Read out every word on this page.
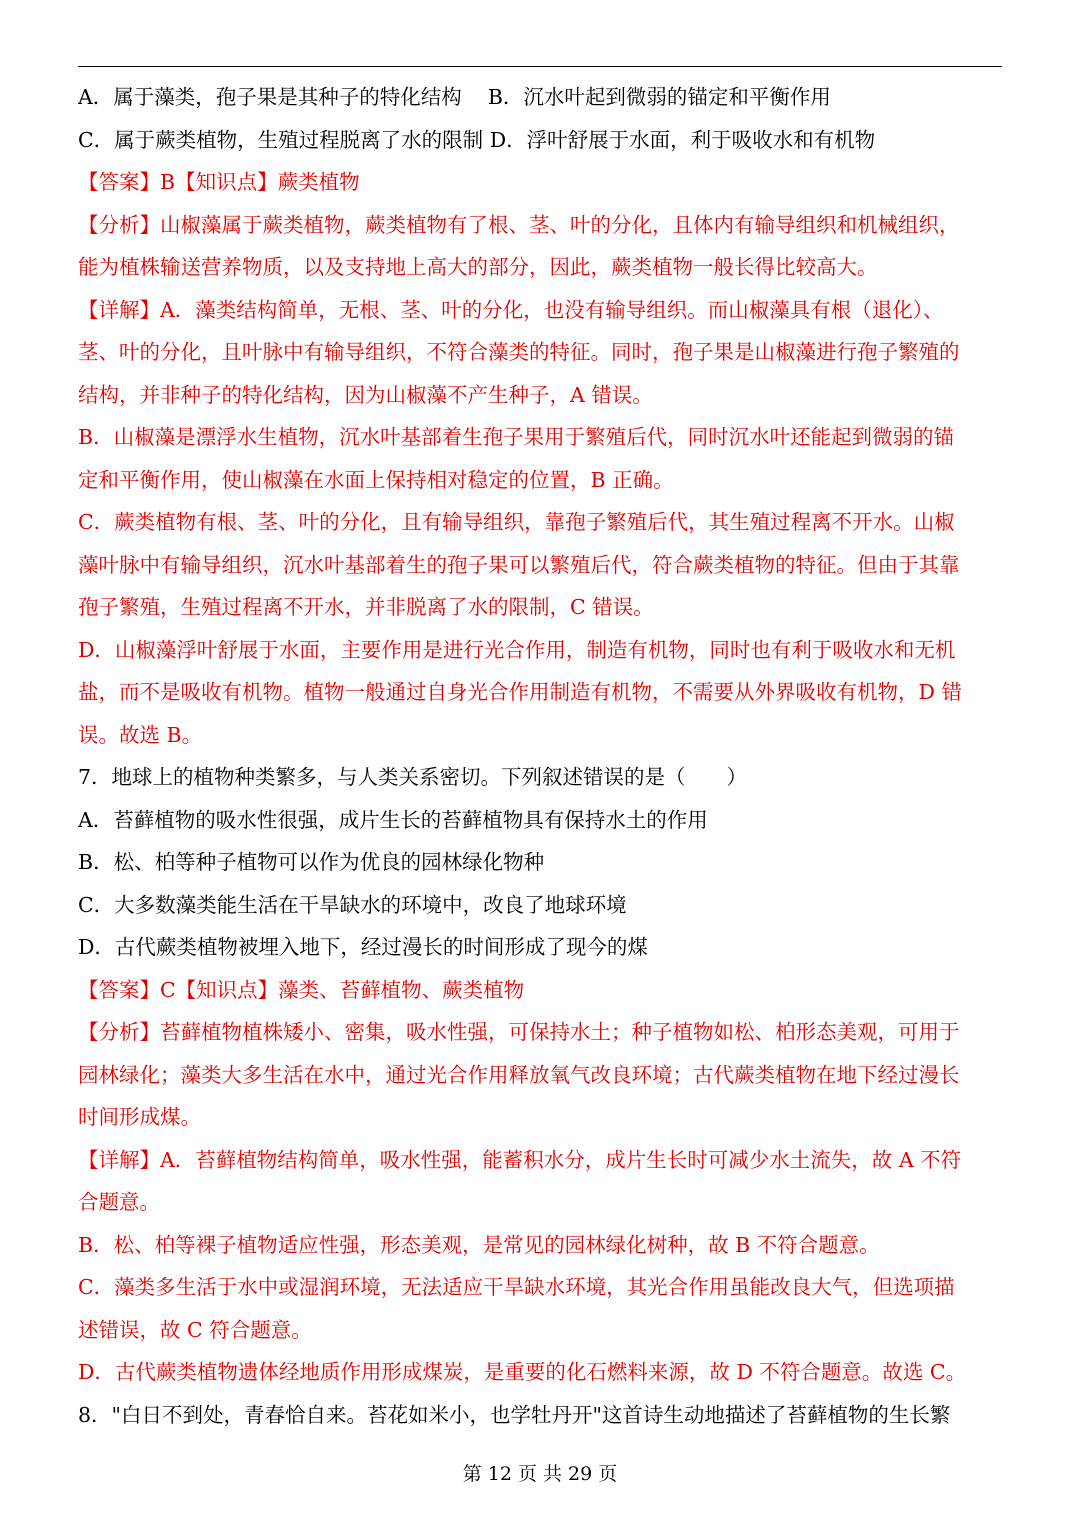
A．属于藻类，孢子果是其种子的特化结构 B．沉水叶起到微弱的锚定和平衡作用
C．属于蕨类植物，生殖过程脱离了水的限制 D．浮叶舒展于水面，利于吸收水和有机物
【答案】B【知识点】蕨类植物
【分析】山椒藻属于蕨类植物，蕨类植物有了根、茎、叶的分化，且体内有输导组织和机械组织，
能为植株输送营养物质，以及支持地上高大的部分，因此，蕨类植物一般长得比较高大。
【详解】A．藻类结构简单，无根、茎、叶的分化，也没有输导组织。而山椒藻具有根（退化）、
茎、叶的分化，且叶脉中有输导组织，不符合藻类的特征。同时，孢子果是山椒藻进行孢子繁殖的
结构，并非种子的特化结构，因为山椒藻不产生种子，A 错误。
B．山椒藻是漂浮水生植物，沉水叶基部着生孢子果用于繁殖后代，同时沉水叶还能起到微弱的锚
定和平衡作用，使山椒藻在水面上保持相对稳定的位置，B 正确。
C．蕨类植物有根、茎、叶的分化，且有输导组织，靠孢子繁殖后代，其生殖过程离不开水。山椒
藻叶脉中有输导组织，沉水叶基部着生的孢子果可以繁殖后代，符合蕨类植物的特征。但由于其靠
孢子繁殖，生殖过程离不开水，并非脱离了水的限制，C 错误。
D．山椒藻浮叶舒展于水面，主要作用是进行光合作用，制造有机物，同时也有利于吸收水和无机
盐，而不是吸收有机物。植物一般通过自身光合作用制造有机物，不需要从外界吸收有机物，D 错
误。故选 B。
7．地球上的植物种类繁多，与人类关系密切。下列叙述错误的是（　　）
A．苔藓植物的吸水性很强，成片生长的苔藓植物具有保持水土的作用
B．松、柏等种子植物可以作为优良的园林绿化物种
C．大多数藻类能生活在干旱缺水的环境中，改良了地球环境
D．古代蕨类植物被埋入地下，经过漫长的时间形成了现今的煤
【答案】C【知识点】藻类、苔藓植物、蕨类植物
【分析】苔藓植物植株矮小、密集，吸水性强，可保持水土；种子植物如松、柏形态美观，可用于
园林绿化；藻类大多生活在水中，通过光合作用释放氧气改良环境；古代蕨类植物在地下经过漫长
时间形成煤。
【详解】A．苔藓植物结构简单，吸水性强，能蓄积水分，成片生长时可减少水土流失，故 A 不符
合题意。
B．松、柏等裸子植物适应性强，形态美观，是常见的园林绿化树种，故 B 不符合题意。
C．藻类多生活于水中或湿润环境，无法适应干旱缺水环境，其光合作用虽能改良大气，但选项描
述错误，故 C 符合题意。
D．古代蕨类植物遗体经地质作用形成煤炭，是重要的化石燃料来源，故 D 不符合题意。故选 C。
8．"白日不到处，青春恰自来。苔花如米小，也学牡丹开"这首诗生动地描述了苔藓植物的生长繁
第 12 页 共 29 页
